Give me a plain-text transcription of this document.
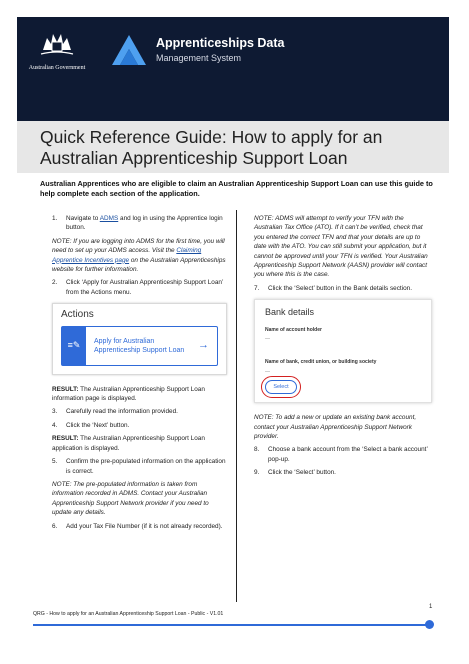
Australian Government
Apprenticeships Data
Management System
Quick Reference Guide: How to apply for an Australian Apprenticeship Support Loan
Australian Apprentices who are eligible to claim an Australian Apprenticeship Support Loan can use this guide to help complete each section of the application.
1.	Navigate to ADMS and log in using the Apprentice login button.
NOTE: If you are logging into ADMS for the first time, you will need to set up your ADMS access. Visit the Claiming Apprentice Incentives page on the Australian Apprenticeships website for further information.
2.	Click ‘Apply for Australian Apprenticeship Support Loan’ from the Actions menu.
Actions
≡✎	Apply for Australian Apprenticeship Support Loan	→
RESULT: The Australian Apprenticeship Support Loan information page is displayed.
3.	Carefully read the information provided.
4.	Click the ‘Next’ button.
RESULT: The Australian Apprenticeship Support Loan application is displayed.
5.	Confirm the pre-populated information on the application is correct.
NOTE: The pre-populated information is taken from information recorded in ADMS. Contact your Australian Apprenticeship Support Network provider if you need to update any details.
6.	Add your Tax File Number (if it is not already recorded).
NOTE: ADMS will attempt to verify your TFN with the Australian Tax Office (ATO). If it can’t be verified, check that you entered the correct TFN and that your details are up to date with the ATO. You can still submit your application, but it cannot be approved until your TFN is verified. Your Australian Apprenticeship Support Network (AASN) provider will contact you where this is the case.
7.	Click the ‘Select’ button in the Bank details section.
Bank details
Name of account holder
—
Name of bank, credit union, or building society
—
Select
NOTE: To add a new or update an existing bank account, contact your Australian Apprenticeship Support Network provider.
8.	Choose a bank account from the ‘Select a bank account’ pop-up.
9.	Click the ‘Select’ button.
1
QRG - How to apply for an Australian Apprenticeship Support Loan - Public - V1.01
